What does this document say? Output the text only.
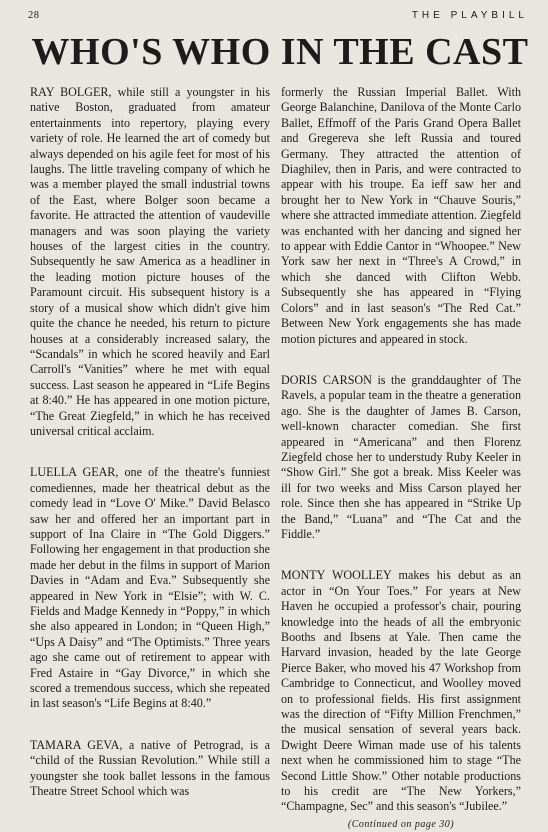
28	THE PLAYBILL
WHO'S WHO IN THE CAST

RAY BOLGER, while still a youngster in his native Boston, graduated from amateur entertainments into repertory, playing every variety of role. He learned the art of comedy but always depended on his agile feet for most of his laughs. The little traveling company of which he was a member played the small industrial towns of the East, where Bolger soon became a favorite. He attracted the attention of vaudeville managers and was soon playing the variety houses of the largest cities in the country. Subsequently he saw America as a headliner in the leading motion picture houses of the Paramount circuit. His subsequent history is a story of a musical show which didn't give him quite the chance he needed, his return to picture houses at a considerably increased salary, the “Scandals” in which he scored heavily and Earl Carroll's “Vanities” where he met with equal success. Last season he appeared in “Life Begins at 8:40.” He has appeared in one motion picture, “The Great Ziegfeld,” in which he has received universal critical acclaim.

LUELLA GEAR, one of the theatre's funniest comediennes, made her theatrical debut as the comedy lead in “Love O' Mike.” David Belasco saw her and offered her an important part in support of Ina Claire in “The Gold Diggers.” Following her engagement in that production she made her debut in the films in support of Marion Davies in “Adam and Eva.” Subsequently she appeared in New York in “Elsie”; with W. C. Fields and Madge Kennedy in “Poppy,” in which she also appeared in London; in “Queen High,” “Ups A Daisy” and “The Optimists.” Three years ago she came out of retirement to appear with Fred Astaire in “Gay Divorce,” in which she scored a tremendous success, which she repeated in last season's “Life Begins at 8:40.”

TAMARA GEVA, a native of Petrograd, is a “child of the Russian Revolution.” While still a youngster she took ballet lessons in the famous Theatre Street School which was

formerly the Russian Imperial Ballet. With George Balanchine, Danilova of the Monte Carlo Ballet, Effmoff of the Paris Grand Opera Ballet and Gregereva she left Russia and toured Germany. They attracted the attention of Diaghilev, then in Paris, and were contracted to appear with his troupe. Ea ieff saw her and brought her to New York in “Chauve Souris,” where she attracted immediate attention. Ziegfeld was enchanted with her dancing and signed her to appear with Eddie Cantor in “Whoopee.” New York saw her next in “Three's A Crowd,” in which she danced with Clifton Webb. Subsequently she has appeared in “Flying Colors” and in last season's “The Red Cat.” Between New York engagements she has made motion pictures and appeared in stock.

DORIS CARSON is the granddaughter of The Ravels, a popular team in the theatre a generation ago. She is the daughter of James B. Carson, well-known character comedian. She first appeared in “Americana” and then Florenz Ziegfeld chose her to understudy Ruby Keeler in “Show Girl.” She got a break. Miss Keeler was ill for two weeks and Miss Carson played her role. Since then she has appeared in “Strike Up the Band,” “Luana” and “The Cat and the Fiddle.”

MONTY WOOLLEY makes his debut as an actor in “On Your Toes.” For years at New Haven he occupied a professor's chair, pouring knowledge into the heads of all the embryonic Booths and Ibsens at Yale. Then came the Harvard invasion, headed by the late George Pierce Baker, who moved his 47 Workshop from Cambridge to Connecticut, and Woolley moved on to professional fields. His first assignment was the direction of “Fifty Million Frenchmen,” the musical sensation of several years back. Dwight Deere Wiman made use of his talents next when he commissioned him to stage “The Second Little Show.” Other notable productions to his credit are “The New Yorkers,” “Champagne, Sec” and this season's “Jubilee.”

(Continued on page 30)
